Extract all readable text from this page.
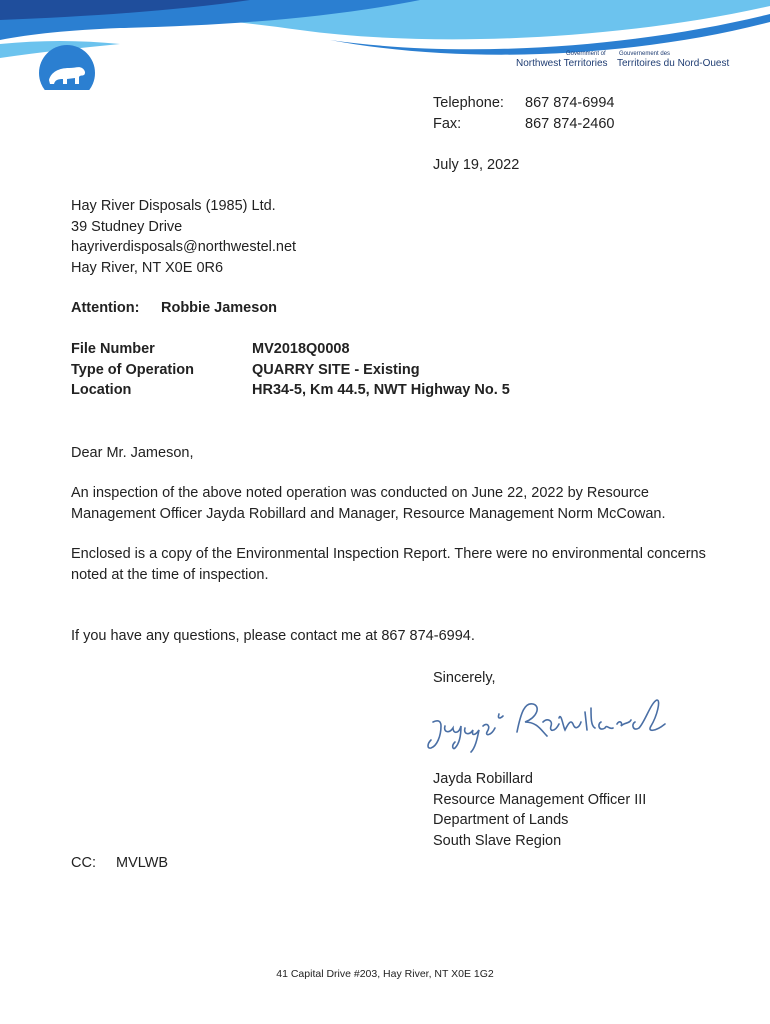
Government of
Northwest Territories
Gouvernement des
Territoires du Nord-Ouest
Telephone: 867 874-6994
Fax:	867 874-2460
July 19, 2022
Hay River Disposals (1985) Ltd.
39 Studney Drive
hayriverdisposals@northwestel.net
Hay River, NT X0E 0R6
Attention: Robbie Jameson
File Number	MV2018Q0008
Type of Operation	QUARRY SITE - Existing
Location	HR34-5, Km 44.5, NWT Highway No. 5

Dear Mr. Jameson,

An inspection of the above noted operation was conducted on June 22, 2022 by Resource Management Officer Jayda Robillard and Manager, Resource Management Norm McCowan.

Enclosed is a copy of the Environmental Inspection Report. There were no environmental concerns noted at the time of inspection.

If you have any questions, please contact me at 867 874-6994.

Sincerely,
Jayda Robillard
Resource Management Officer III
Department of Lands
South Slave Region
CC: MVLWB
41 Capital Drive #203, Hay River, NT X0E 1G2
